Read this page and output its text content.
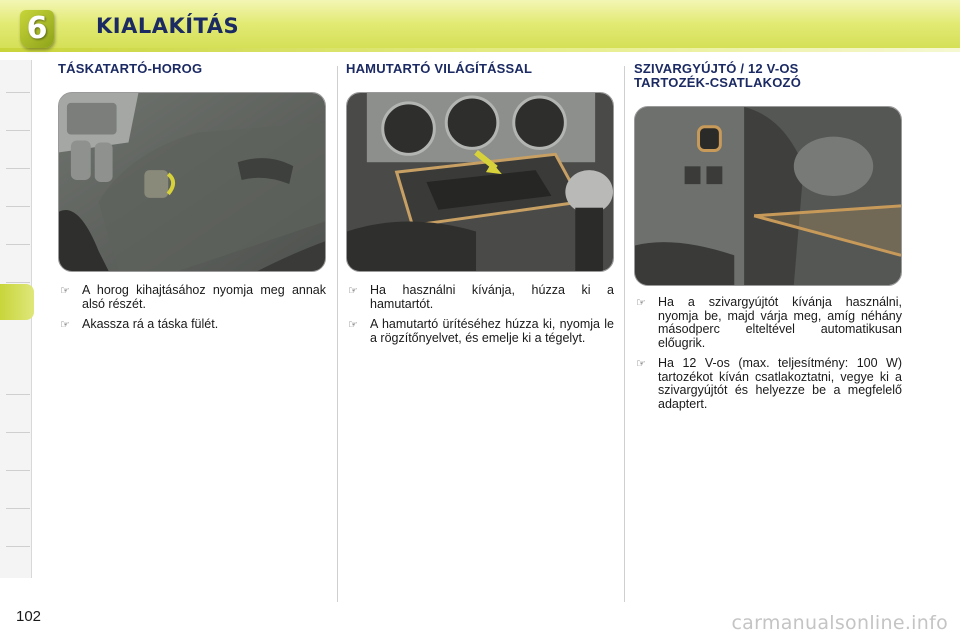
6	KIALAKÍTÁS
TÁSKATARTÓ-HOROG
☞ A horog kihajtásához nyomja meg annak alsó részét.
☞ Akassza rá a táska fülét.
HAMUTARTÓ VILÁGÍTÁSSAL
☞ Ha használni kívánja, húzza ki a hamutartót.
☞ A hamutartó ürítéséhez húzza ki, nyomja le a rögzítőnyelvet, és emelje ki a tégelyt.
SZIVARGYÚJTÓ / 12 V-OS
TARTOZÉK-CSATLAKOZÓ
☞ Ha a szivargyújtót kívánja használni, nyomja be, majd várja meg, amíg néhány másodperc elteltével automatikusan előugrik.
☞ Ha 12 V-os (max. teljesítmény: 100 W) tartozékot kíván csatlakoztatni, vegye ki a szivargyújtót és helyezze be a megfelelő adaptert.
102	carmanualsonline.info
